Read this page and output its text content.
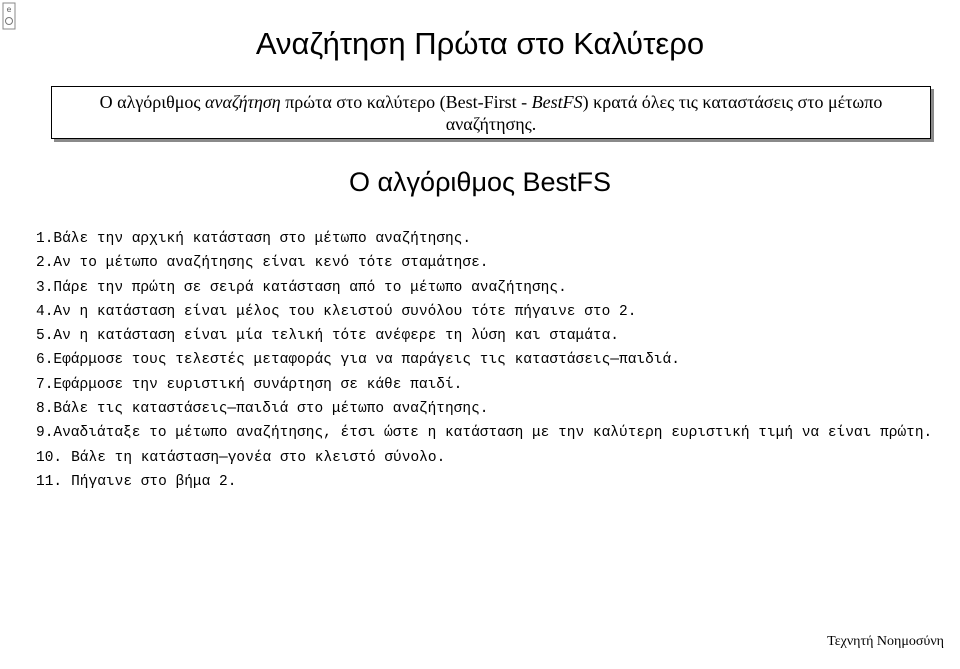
e
Αναζήτηση Πρώτα στο Καλύτερο
Ο αλγόριθμος αναζήτηση πρώτα στο καλύτερο (Best-First - BestFS) κρατά όλες τις καταστάσεις στο μέτωπο αναζήτησης.
Ο αλγόριθμος BestFS
1. Βάλε την αρχική κατάσταση στο μέτωπο αναζήτησης.
2. Αν το μέτωπο αναζήτησης είναι κενό τότε σταμάτησε.
3. Πάρε την πρώτη σε σειρά κατάσταση από το μέτωπο αναζήτησης.
4. Αν η κατάσταση είναι μέλος του κλειστού συνόλου τότε πήγαινε στο 2.
5. Αν η κατάσταση είναι μία τελική τότε ανέφερε τη λύση και σταμάτα.
6. Εφάρμοσε τους τελεστές μεταφοράς για να παράγεις τις καταστάσεις—παιδιά.
7. Εφάρμοσε την ευριστική συνάρτηση σε κάθε παιδί.
8. Βάλε τις καταστάσεις—παιδιά στο μέτωπο αναζήτησης.
9. Αναδιάταξε το μέτωπο αναζήτησης, έτσι ώστε η κατάσταση με την καλύτερη ευριστική τιμή να είναι πρώτη.
10. Βάλε τη κατάσταση—γονέα στο κλειστό σύνολο.
11. Πήγαινε στο βήμα 2.
Τεχνητή Νοημοσύνη
